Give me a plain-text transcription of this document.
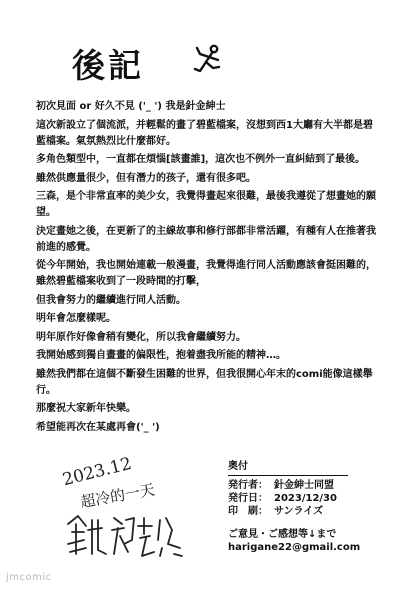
後記

初次見面 or 好久不見 ('_ ') 我是針金紳士

這次新設立了個流派，并輕鬆的畫了碧藍檔案，沒想到西1大廳有大半都是碧藍檔案。氣氛熱烈比什麼都好。

多角色類型中，一直都在煩惱[該畫誰]，這次也不例外一直糾結到了最後。

雖然供應量很少，但有潛力的孩子，還有很多吧。

三森，是个非常直率的美少女，我覺得畫起來很難，最後我遵從了想畫她的願望。

決定畫她之後，在更新了的主線故事和修行部都非常活躍，有種有人在推著我前進的感覺。

從今年開始，我也開始連載一般漫畫，我覺得進行同人活動應該會挺困難的，雖然碧藍檔案收到了一段時間的打擊，

但我會努力的繼續進行同人活動。

明年會怎麼樣呢。

明年原作好像會稍有變化，所以我會繼續努力。

我開始感到獨自畫畫的偏限性，抱着盡我所能的精神…。

雖然我們都在這個不斷發生困難的世界，但我很開心年末的comi能像這樣舉行。

那麼祝大家新年快樂。

希望能再次在某處再會('_ ')

2023.12
超冷的一天
奥付
発行者： 針金紳士同盟
発行日： 2023/12/30
印　刷： サンライズ
ご意見・ご感想等↓まで
harigane22@gmail.com
jmcomic
